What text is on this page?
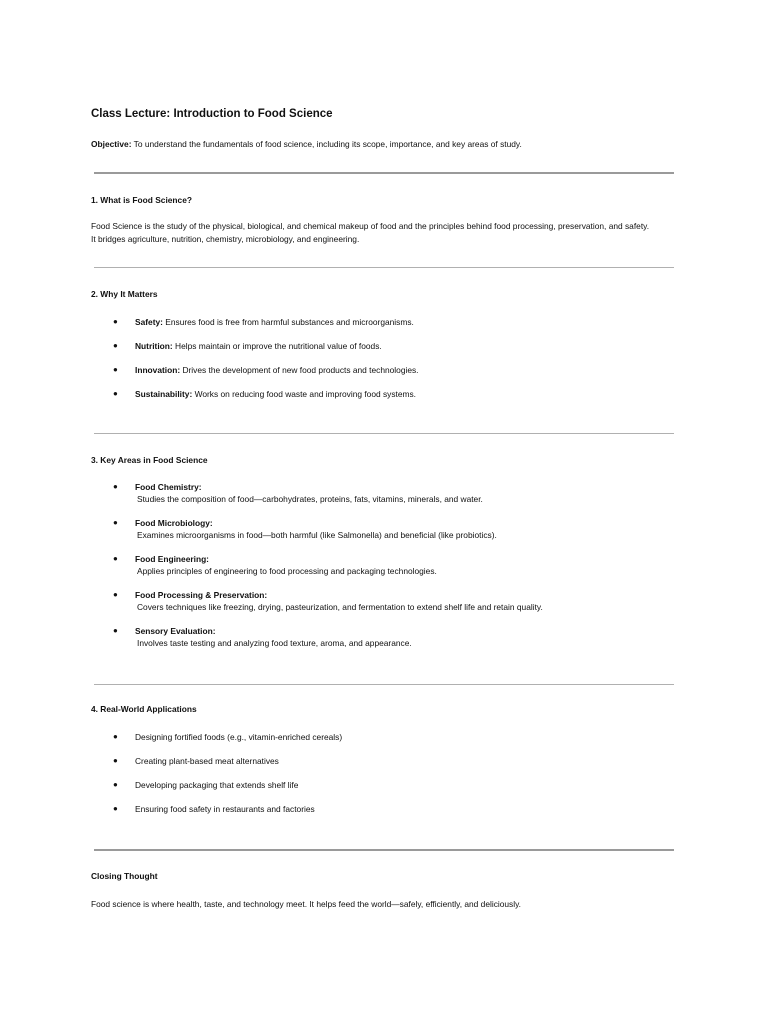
Class Lecture: Introduction to Food Science

Objective: To understand the fundamentals of food science, including its scope, importance, and key areas of study.

1. What is Food Science?
Food Science is the study of the physical, biological, and chemical makeup of food and the principles behind food processing, preservation, and safety.
It bridges agriculture, nutrition, chemistry, microbiology, and engineering.
2. Why It Matters
● Safety: Ensures food is free from harmful substances and microorganisms.
● Nutrition: Helps maintain or improve the nutritional value of foods.
● Innovation: Drives the development of new food products and technologies.
● Sustainability: Works on reducing food waste and improving food systems.
3. Key Areas in Food Science
● Food Chemistry:
Studies the composition of food—carbohydrates, proteins, fats, vitamins, minerals, and water.
● Food Microbiology:
Examines microorganisms in food—both harmful (like Salmonella) and beneficial (like probiotics).
● Food Engineering:
Applies principles of engineering to food processing and packaging technologies.
● Food Processing & Preservation:
Covers techniques like freezing, drying, pasteurization, and fermentation to extend shelf life and retain quality.
● Sensory Evaluation:
Involves taste testing and analyzing food texture, aroma, and appearance.
4. Real-World Applications
● Designing fortified foods (e.g., vitamin-enriched cereals)
● Creating plant-based meat alternatives
● Developing packaging that extends shelf life
● Ensuring food safety in restaurants and factories
Closing Thought

Food science is where health, taste, and technology meet. It helps feed the world—safely, efficiently, and deliciously.
